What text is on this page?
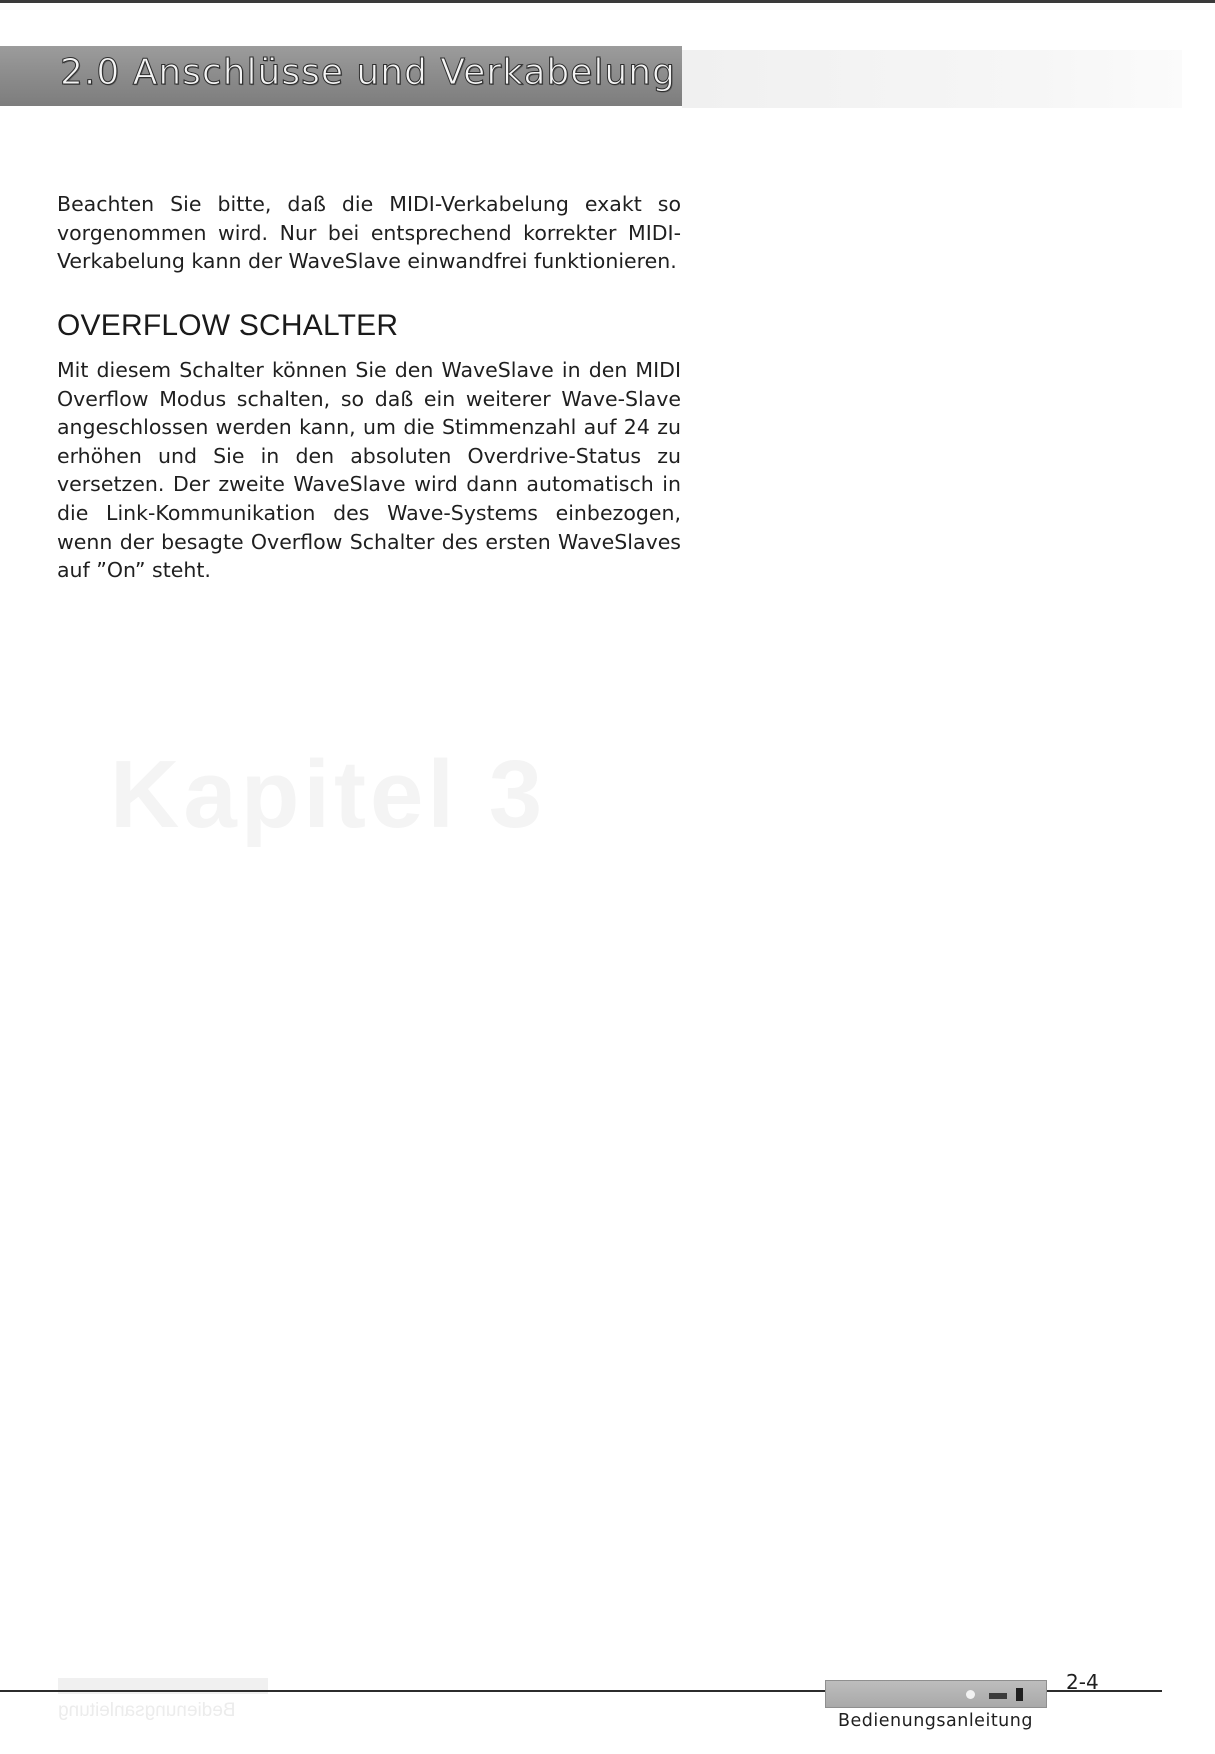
2.0 Anschlüsse und Verkabelung

Beachten Sie bitte, daß die MIDI-Verkabelung exakt so vorgenommen wird. Nur bei entsprechend korrekter MIDI-Verkabelung kann der WaveSlave einwandfrei funktionieren.

OVERFLOW SCHALTER

Mit diesem Schalter können Sie den WaveSlave in den MIDI Overflow Modus schalten, so daß ein weiterer Wave-Slave angeschlossen werden kann, um die Stimmenzahl auf 24 zu erhöhen und Sie in den absoluten Overdrive-Status zu versetzen. Der zweite WaveSlave wird dann automatisch in die Link-Kommunikation des Wave-Systems einbezogen, wenn der besagte Overflow Schalter des ersten WaveSlaves auf ”On” steht.

Kapitel 3
Bedienungsanleitung

2-4

Bedienungsanleitung
